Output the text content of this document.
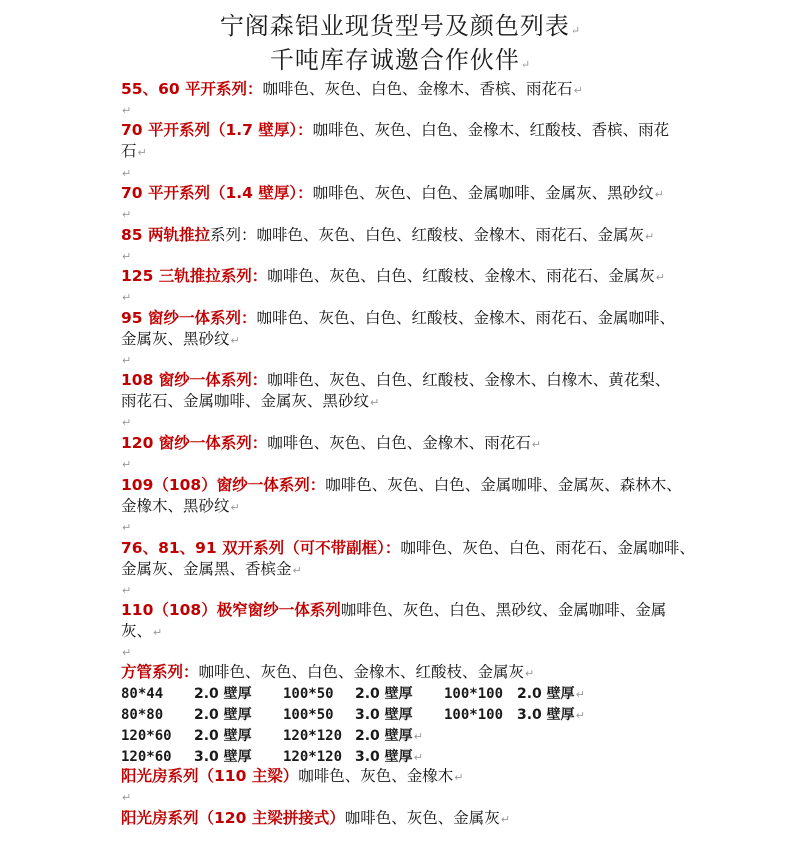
宁阁森铝业现货型号及颜色列表↵
千吨库存诚邀合作伙伴↵
55、60 平开系列：咖啡色、灰色、白色、金橡木、香槟、雨花石↵
↵
70 平开系列（1.7 壁厚）：咖啡色、灰色、白色、金橡木、红酸枝、香槟、雨花
石↵
↵
70 平开系列（1.4 壁厚）：咖啡色、灰色、白色、金属咖啡、金属灰、黑砂纹↵
↵
85 两轨推拉系列：咖啡色、灰色、白色、红酸枝、金橡木、雨花石、金属灰↵
↵
125 三轨推拉系列：咖啡色、灰色、白色、红酸枝、金橡木、雨花石、金属灰↵
↵
95 窗纱一体系列：咖啡色、灰色、白色、红酸枝、金橡木、雨花石、金属咖啡、
金属灰、黑砂纹↵
↵
108 窗纱一体系列：咖啡色、灰色、白色、红酸枝、金橡木、白橡木、黄花梨、
雨花石、金属咖啡、金属灰、黑砂纹↵
↵
120 窗纱一体系列：咖啡色、灰色、白色、金橡木、雨花石↵
↵
109（108）窗纱一体系列：咖啡色、灰色、白色、金属咖啡、金属灰、森林木、
金橡木、黑砂纹↵
↵
76、81、91 双开系列（可不带副框）：咖啡色、灰色、白色、雨花石、金属咖啡、
金属灰、金属黑、香槟金↵
↵
110（108）极窄窗纱一体系列咖啡色、灰色、白色、黑砂纹、金属咖啡、金属
灰、↵
↵
方管系列：咖啡色、灰色、白色、金橡木、红酸枝、金属灰↵
80*44 2.0 壁厚 100*50 2.0 壁厚 100*100 2.0 壁厚↵
80*80 2.0 壁厚 100*50 3.0 壁厚 100*100 3.0 壁厚↵
120*60 2.0 壁厚 120*120 2.0 壁厚↵
120*60 3.0 壁厚 120*120 3.0 壁厚↵
阳光房系列（110 主梁）咖啡色、灰色、金橡木↵
↵
阳光房系列（120 主梁拼接式）咖啡色、灰色、金属灰↵
